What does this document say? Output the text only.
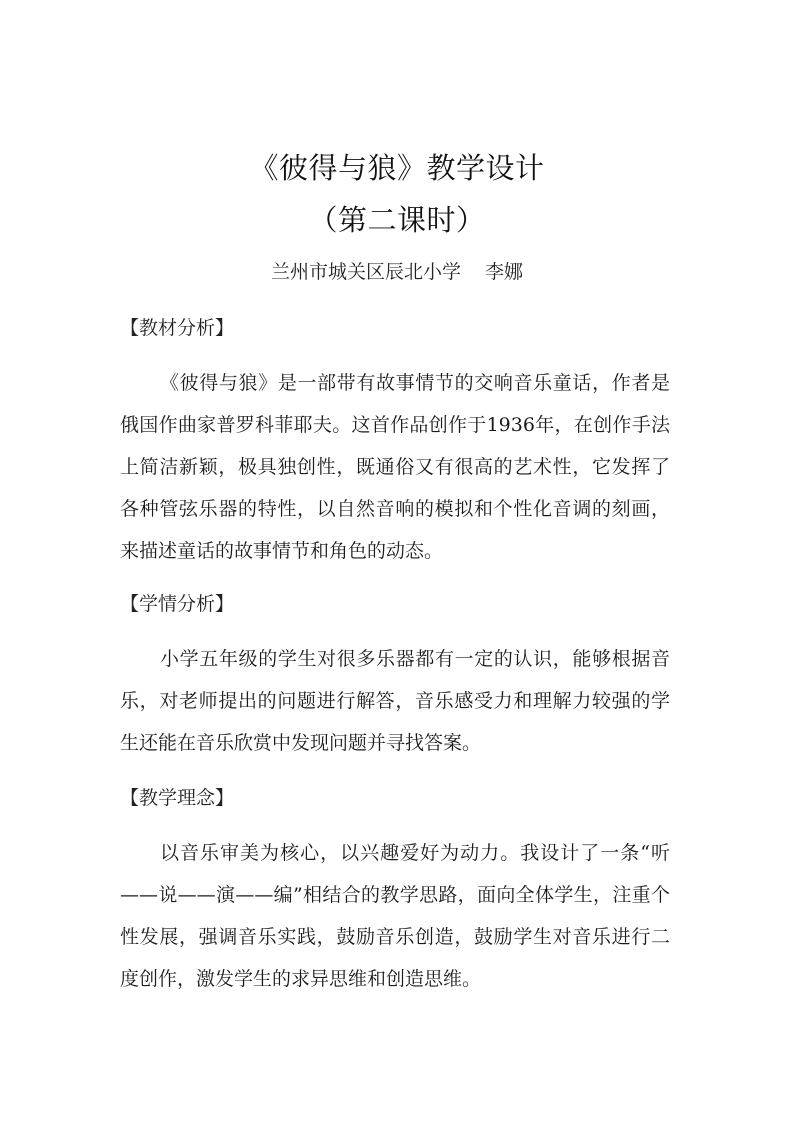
《彼得与狼》教学设计
（第二课时）
兰州市城关区辰北小学 李娜
【教材分析】

《彼得与狼》是一部带有故事情节的交响音乐童话，作者是俄国作曲家普罗科菲耶夫。这首作品创作于1936年，在创作手法上简洁新颖，极具独创性，既通俗又有很高的艺术性，它发挥了各种管弦乐器的特性，以自然音响的模拟和个性化音调的刻画，来描述童话的故事情节和角色的动态。

【学情分析】

小学五年级的学生对很多乐器都有一定的认识，能够根据音乐，对老师提出的问题进行解答，音乐感受力和理解力较强的学生还能在音乐欣赏中发现问题并寻找答案。

【教学理念】

以音乐审美为核心，以兴趣爱好为动力。我设计了一条“听——说——演——编”相结合的教学思路，面向全体学生，注重个性发展，强调音乐实践，鼓励音乐创造，鼓励学生对音乐进行二度创作，激发学生的求异思维和创造思维。
